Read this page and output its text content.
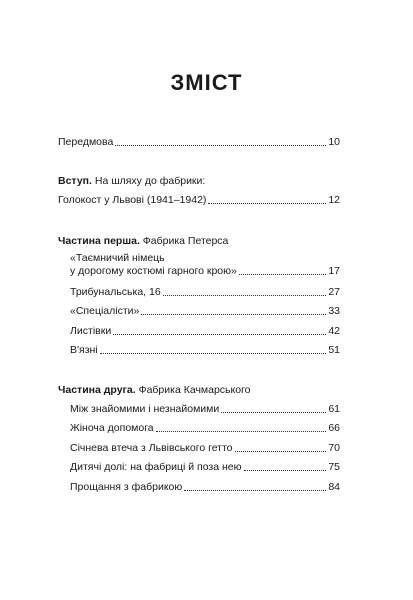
ЗМІСТ
Передмова	10
Вступ. На шляху до фабрики:
Голокост у Львові (1941–1942)	12
Частина перша. Фабрика Петерса
«Таємничий німець
у дорогому костюмі гарного крою»	17
Трибунальська, 16	27
«Спеціалісти»	33
Листівки	42
В'язні	51
Частина друга. Фабрика Качмарського
Між знайомими і незнайомими	61
Жіноча допомога	66
Січнева втеча з Львівського гетто	70
Дитячі долі: на фабриці й поза нею	75
Прощання з фабрикою	84
